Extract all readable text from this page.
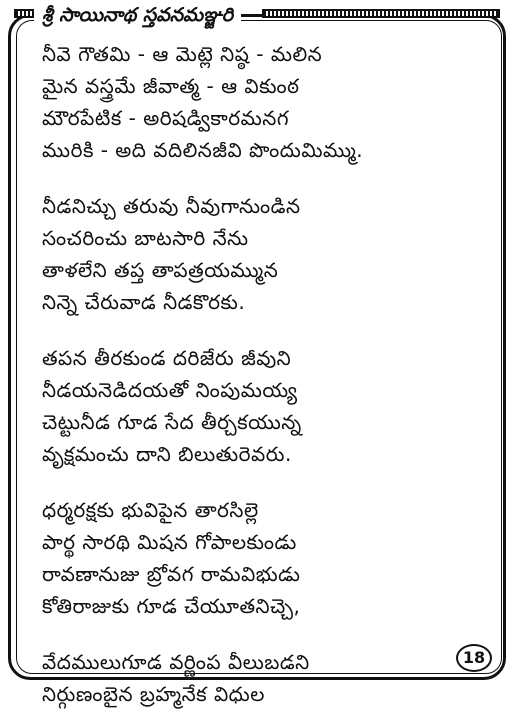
శ్రీ సాయినాథ స్తవనమఞ్జరి
నీవె గౌతమి - ఆ మెట్లె నిష్ఠ - మలిన
మైన వస్త్రమే జీవాత్మ - ఆ వికుంఠ
మౌరపేటిక - అరిషడ్వికారమనగ
మురికి - అది వదిలినజీవి పొందుమిమ్ము.
నీడనిచ్చు తరువు నీవుగానుండిన
సంచరించు బాటసారి నేను
తాళలేని తప్త తాపత్రయమ్మున
నిన్నె చేరువాడ నీడకొరకు.
తపన తీరకుండ దరిజేరు జీవుని
నీడయనెడిదయతో నింపుమయ్య
చెట్టునీడ గూడ సేద తీర్చకయున్న
వృక్షమంచు దాని బిలుతురెవరు.
ధర్మరక్షకు భువిపైన తారసిల్లె
పార్థ సారథి మిషన గోపాలకుండు
రావణానుజు బ్రోవగ రామవిభుడు
కోతిరాజుకు గూడ చేయూతనిచ్చె,
వేదములుగూడ వర్ణింప వీలుబడని
నిర్గుణంబైన బ్రహ్మనేక విధుల
18
